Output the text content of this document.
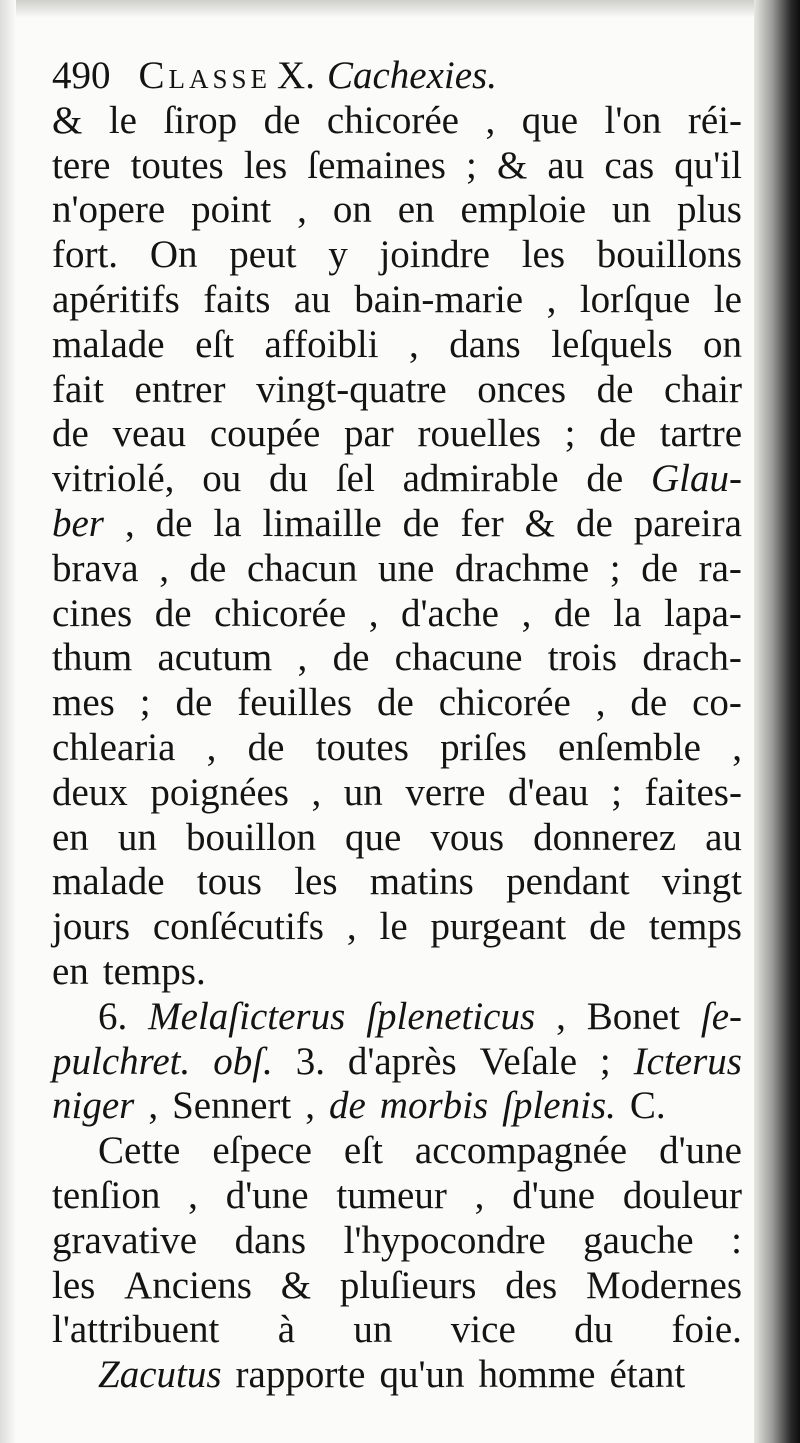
490 Classe X. Cachexies.
& le ſirop de chicorée , que l'on réi-
tere toutes les ſemaines ; & au cas qu'il
n'opere point , on en emploie un plus
fort. On peut y joindre les bouillons
apéritifs faits au bain-marie , lorſque le
malade eſt affoibli , dans leſquels on
fait entrer vingt-quatre onces de chair
de veau coupée par rouelles ; de tartre
vitriolé, ou du ſel admirable de Glau-
ber , de la limaille de fer & de pareira
brava , de chacun une drachme ; de ra-
cines de chicorée , d'ache , de la lapa-
thum acutum , de chacune trois drach-
mes ; de feuilles de chicorée , de co-
chlearia , de toutes priſes enſemble ,
deux poignées , un verre d'eau ; faites-
en un bouillon que vous donnerez au
malade tous les matins pendant vingt
jours conſécutifs , le purgeant de temps
en temps.
6. Melaſicterus ſpleneticus , Bonet ſe-
pulchret. obſ. 3. d'après Veſale ; Icterus
niger , Sennert , de morbis ſplenis. C.
Cette eſpece eſt accompagnée d'une
tenſion , d'une tumeur , d'une douleur
gravative dans l'hypocondre gauche :
les Anciens & pluſieurs des Modernes
l'attribuent à un vice du foie.
Zacutus rapporte qu'un homme étant
